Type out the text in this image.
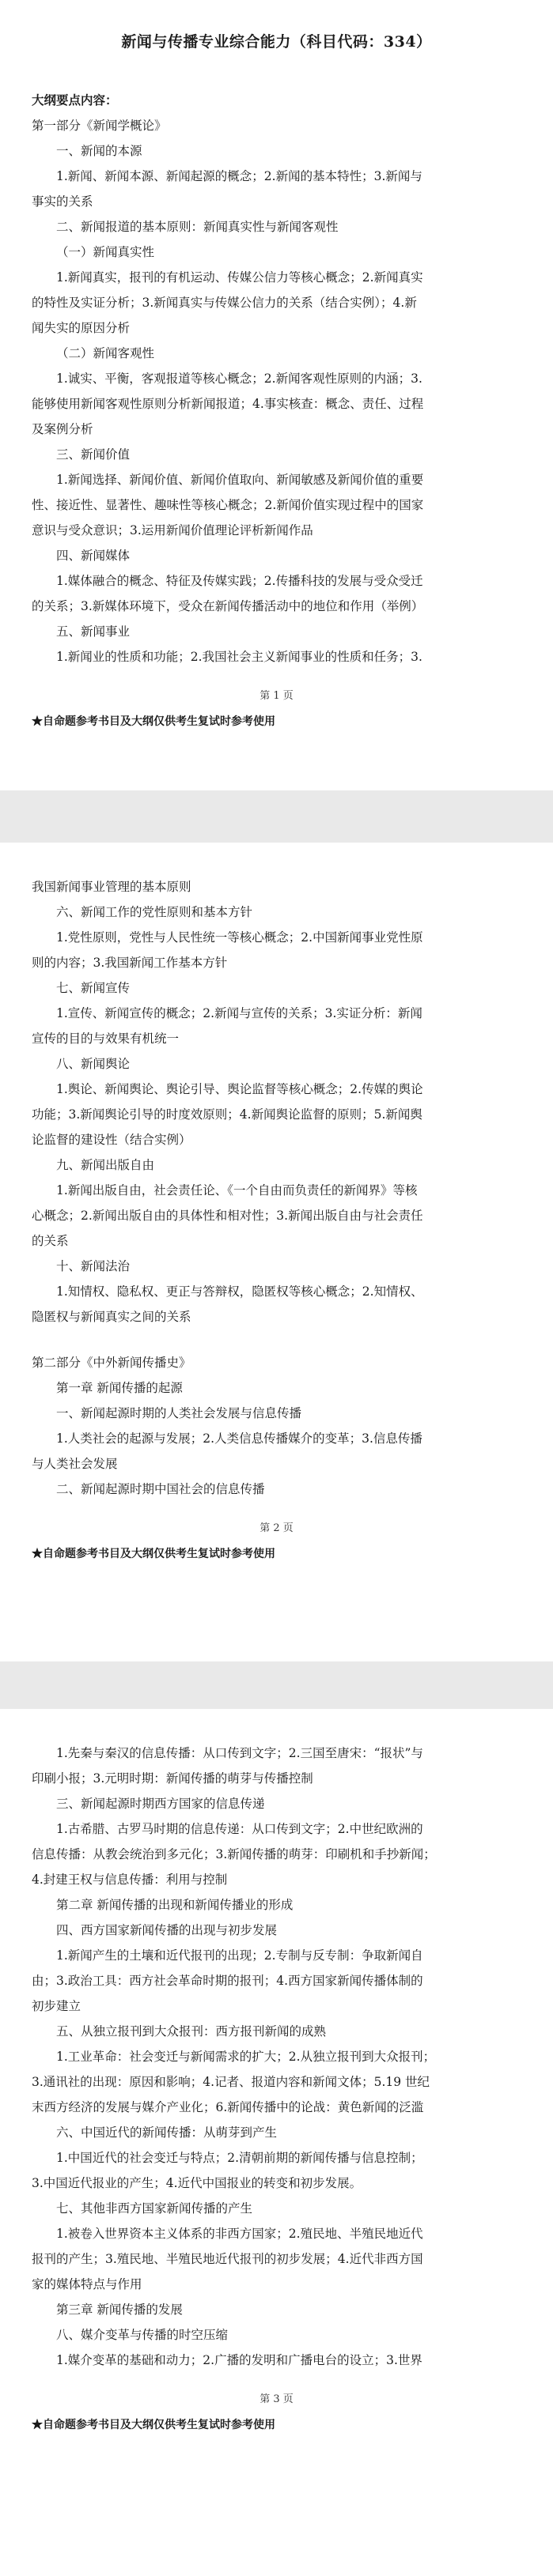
新闻与传播专业综合能力（科目代码：334）
大纲要点内容：
第一部分《新闻学概论》
一、新闻的本源
1.新闻、新闻本源、新闻起源的概念；2.新闻的基本特性；3.新闻与
事实的关系
二、新闻报道的基本原则：新闻真实性与新闻客观性
（一）新闻真实性
1.新闻真实，报刊的有机运动、传媒公信力等核心概念；2.新闻真实
的特性及实证分析；3.新闻真实与传媒公信力的关系（结合实例）；4.新
闻失实的原因分析
（二）新闻客观性
1.诚实、平衡，客观报道等核心概念；2.新闻客观性原则的内涵；3.
能够使用新闻客观性原则分析新闻报道；4.事实核查：概念、责任、过程
及案例分析
三、新闻价值
1.新闻选择、新闻价值、新闻价值取向、新闻敏感及新闻价值的重要
性、接近性、显著性、趣味性等核心概念；2.新闻价值实现过程中的国家
意识与受众意识；3.运用新闻价值理论评析新闻作品
四、新闻媒体
1.媒体融合的概念、特征及传媒实践；2.传播科技的发展与受众受迁
的关系；3.新媒体环境下，受众在新闻传播活动中的地位和作用（举例）
五、新闻事业
1.新闻业的性质和功能；2.我国社会主义新闻事业的性质和任务；3.
第 1 页
★自命题参考书目及大纲仅供考生复试时参考使用
我国新闻事业管理的基本原则
六、新闻工作的党性原则和基本方针
1.党性原则，党性与人民性统一等核心概念；2.中国新闻事业党性原
则的内容；3.我国新闻工作基本方针
七、新闻宣传
1.宣传、新闻宣传的概念；2.新闻与宣传的关系；3.实证分析：新闻
宣传的目的与效果有机统一
八、新闻舆论
1.舆论、新闻舆论、舆论引导、舆论监督等核心概念；2.传媒的舆论
功能；3.新闻舆论引导的时度效原则；4.新闻舆论监督的原则；5.新闻舆
论监督的建设性（结合实例）
九、新闻出版自由
1.新闻出版自由，社会责任论、《一个自由而负责任的新闻界》等核
心概念；2.新闻出版自由的具体性和相对性；3.新闻出版自由与社会责任
的关系
十、新闻法治
1.知情权、隐私权、更正与答辩权，隐匿权等核心概念；2.知情权、
隐匿权与新闻真实之间的关系
第二部分《中外新闻传播史》
第一章 新闻传播的起源
一、新闻起源时期的人类社会发展与信息传播
1.人类社会的起源与发展；2.人类信息传播媒介的变革；3.信息传播
与人类社会发展
二、新闻起源时期中国社会的信息传播
第 2 页
★自命题参考书目及大纲仅供考生复试时参考使用
1.先秦与秦汉的信息传播：从口传到文字；2.三国至唐宋：“报状”与
印刷小报；3.元明时期：新闻传播的萌芽与传播控制
三、新闻起源时期西方国家的信息传递
1.古希腊、古罗马时期的信息传递：从口传到文字；2.中世纪欧洲的
信息传播：从教会统治到多元化；3.新闻传播的萌芽：印刷机和手抄新闻；
4.封建王权与信息传播：利用与控制
第二章 新闻传播的出现和新闻传播业的形成
四、西方国家新闻传播的出现与初步发展
1.新闻产生的土壤和近代报刊的出现；2.专制与反专制：争取新闻自
由；3.政治工具：西方社会革命时期的报刊；4.西方国家新闻传播体制的
初步建立
五、从独立报刊到大众报刊：西方报刊新闻的成熟
1.工业革命：社会变迁与新闻需求的扩大；2.从独立报刊到大众报刊；
3.通讯社的出现：原因和影响；4.记者、报道内容和新闻文体；5.19 世纪
末西方经济的发展与媒介产业化；6.新闻传播中的论战：黄色新闻的泛滥
六、中国近代的新闻传播：从萌芽到产生
1.中国近代的社会变迁与特点；2.清朝前期的新闻传播与信息控制；
3.中国近代报业的产生；4.近代中国报业的转变和初步发展。
七、其他非西方国家新闻传播的产生
1.被卷入世界资本主义体系的非西方国家；2.殖民地、半殖民地近代
报刊的产生；3.殖民地、半殖民地近代报刊的初步发展；4.近代非西方国
家的媒体特点与作用
第三章 新闻传播的发展
八、媒介变革与传播的时空压缩
1.媒介变革的基础和动力；2.广播的发明和广播电台的设立；3.世界
第 3 页
★自命题参考书目及大纲仅供考生复试时参考使用
